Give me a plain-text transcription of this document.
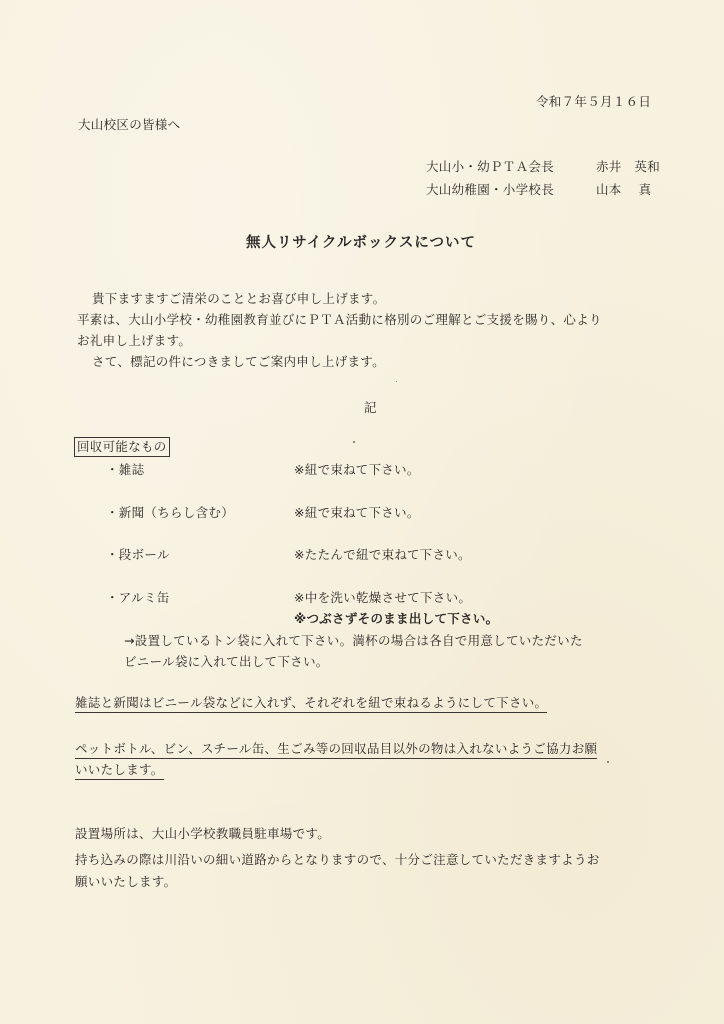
令和７年５月１６日
大山校区の皆様へ
大山小・幼ＰＴＡ会長	赤井　英和
大山幼稚園・小学校長	山本　 真
無人リサイクルボックスについて
貴下ますますご清栄のこととお喜び申し上げます。
平素は、大山小学校・幼稚園教育並びにＰＴＡ活動に格別のご理解とご支援を賜り、心より
お礼申し上げます。
さて、標記の件につきましてご案内申し上げます。
記
回収可能なもの
・雑誌	※紐で束ねて下さい。
・新聞（ちらし含む）	※紐で束ねて下さい。
・段ボール	※たたんで紐で束ねて下さい。
・アルミ缶	※中を洗い乾燥させて下さい。
※つぶさずそのまま出して下さい。
→設置しているトン袋に入れて下さい。満杯の場合は各自で用意していただいた
ビニール袋に入れて出して下さい。
雑誌と新聞はビニール袋などに入れず、それぞれを紐で束ねるようにして下さい。
ペットボトル、ビン、スチール缶、生ごみ等の回収品目以外の物は入れないようご協力お願
いいたします。
設置場所は、大山小学校教職員駐車場です。
持ち込みの際は川沿いの細い道路からとなりますので、十分ご注意していただきますようお
願いいたします。
